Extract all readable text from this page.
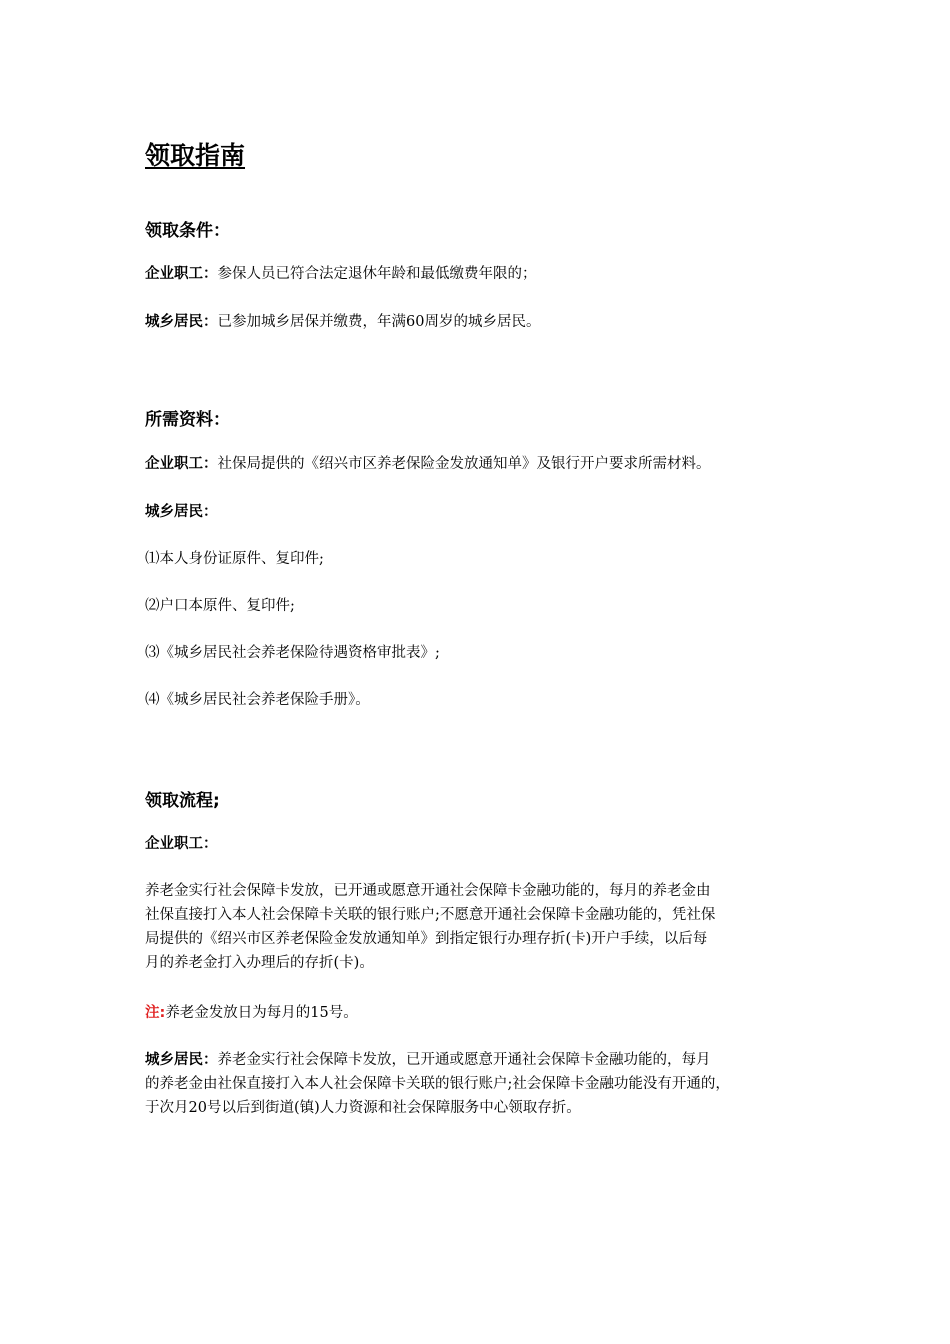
领取指南
领取条件：

企业职工：参保人员已符合法定退休年龄和最低缴费年限的；

城乡居民：已参加城乡居保并缴费，年满60周岁的城乡居民。

所需资料：

企业职工：社保局提供的《绍兴市区养老保险金发放通知单》及银行开户要求所需材料。

城乡居民：

⑴本人身份证原件、复印件;

⑵户口本原件、复印件;

⑶《城乡居民社会养老保险待遇资格审批表》;

⑷《城乡居民社会养老保险手册》。

领取流程;

企业职工：

养老金实行社会保障卡发放，已开通或愿意开通社会保障卡金融功能的，每月的养老金由
社保直接打入本人社会保障卡关联的银行账户;不愿意开通社会保障卡金融功能的，凭社保
局提供的《绍兴市区养老保险金发放通知单》到指定银行办理存折(卡)开户手续，以后每
月的养老金打入办理后的存折(卡)。

注:养老金发放日为每月的15号。

城乡居民：养老金实行社会保障卡发放，已开通或愿意开通社会保障卡金融功能的，每月
的养老金由社保直接打入本人社会保障卡关联的银行账户;社会保障卡金融功能没有开通的，
于次月20号以后到街道(镇)人力资源和社会保障服务中心领取存折。
